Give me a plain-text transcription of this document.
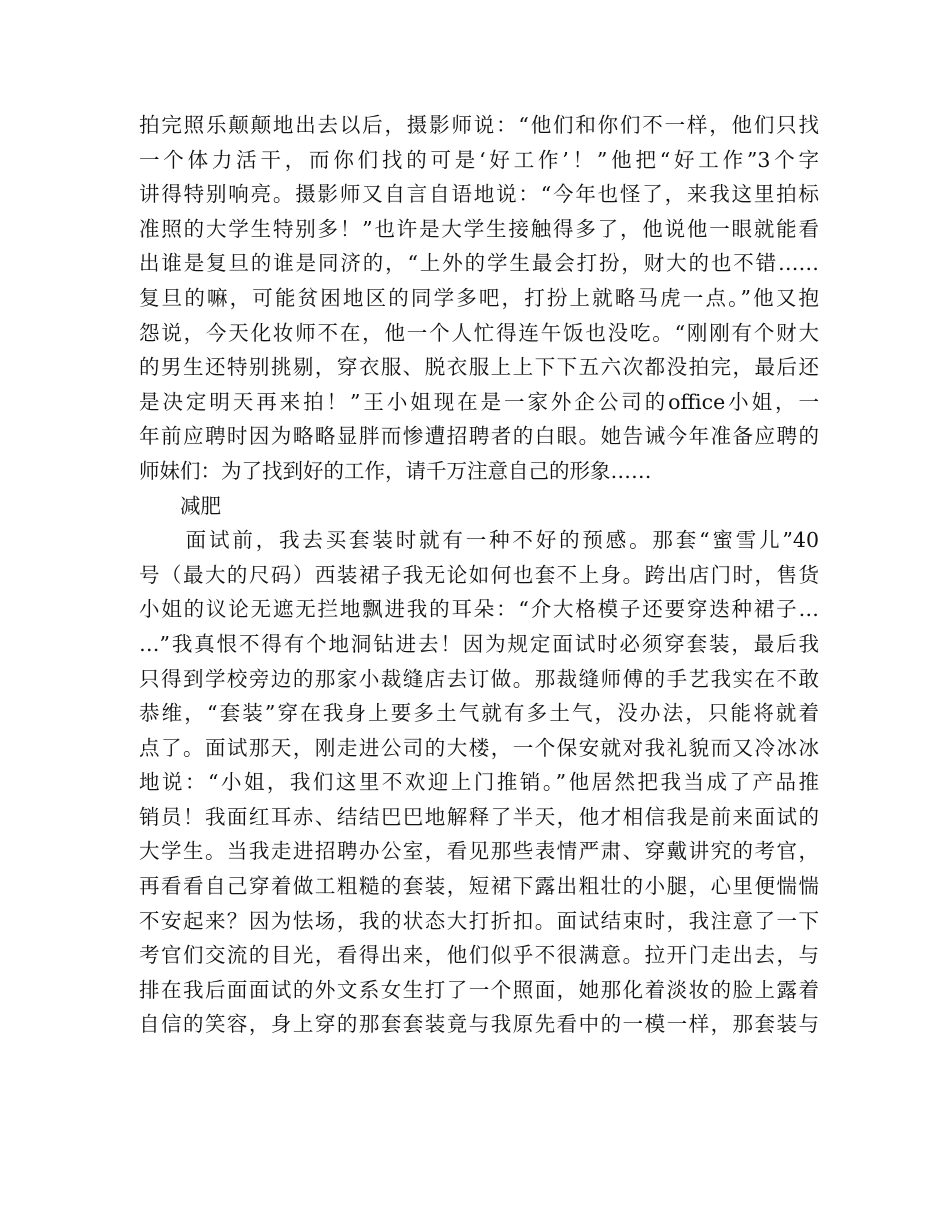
拍完照乐颠颠地出去以后，摄影师说：“他们和你们不一样，他们只找
一个体力活干，而你们找的可是‘好工作’！”他把“好工作”3个字
讲得特别响亮。摄影师又自言自语地说：“今年也怪了，来我这里拍标
准照的大学生特别多！”也许是大学生接触得多了，他说他一眼就能看
出谁是复旦的谁是同济的，“上外的学生最会打扮，财大的也不错……
复旦的嘛，可能贫困地区的同学多吧，打扮上就略马虎一点。”他又抱
怨说，今天化妆师不在，他一个人忙得连午饭也没吃。“刚刚有个财大
的男生还特别挑剔，穿衣服、脱衣服上上下下五六次都没拍完，最后还
是决定明天再来拍！”王小姐现在是一家外企公司的office小姐，一
年前应聘时因为略略显胖而惨遭招聘者的白眼。她告诫今年准备应聘的
师妹们：为了找到好的工作，请千万注意自己的形象……
　　减肥
　　面试前，我去买套装时就有一种不好的预感。那套“蜜雪儿”40
号（最大的尺码）西装裙子我无论如何也套不上身。跨出店门时，售货
小姐的议论无遮无拦地飘进我的耳朵：“介大格模子还要穿迭种裙子…
…”我真恨不得有个地洞钻进去！因为规定面试时必须穿套装，最后我
只得到学校旁边的那家小裁缝店去订做。那裁缝师傅的手艺我实在不敢
恭维，“套装”穿在我身上要多土气就有多土气，没办法，只能将就着
点了。面试那天，刚走进公司的大楼，一个保安就对我礼貌而又冷冰冰
地说：“小姐，我们这里不欢迎上门推销。”他居然把我当成了产品推
销员！我面红耳赤、结结巴巴地解释了半天，他才相信我是前来面试的
大学生。当我走进招聘办公室，看见那些表情严肃、穿戴讲究的考官，
再看看自己穿着做工粗糙的套装，短裙下露出粗壮的小腿，心里便惴惴
不安起来？因为怯场，我的状态大打折扣。面试结束时，我注意了一下
考官们交流的目光，看得出来，他们似乎不很满意。拉开门走出去，与
排在我后面面试的外文系女生打了一个照面，她那化着淡妆的脸上露着
自信的笑容，身上穿的那套套装竟与我原先看中的一模一样，那套装与
